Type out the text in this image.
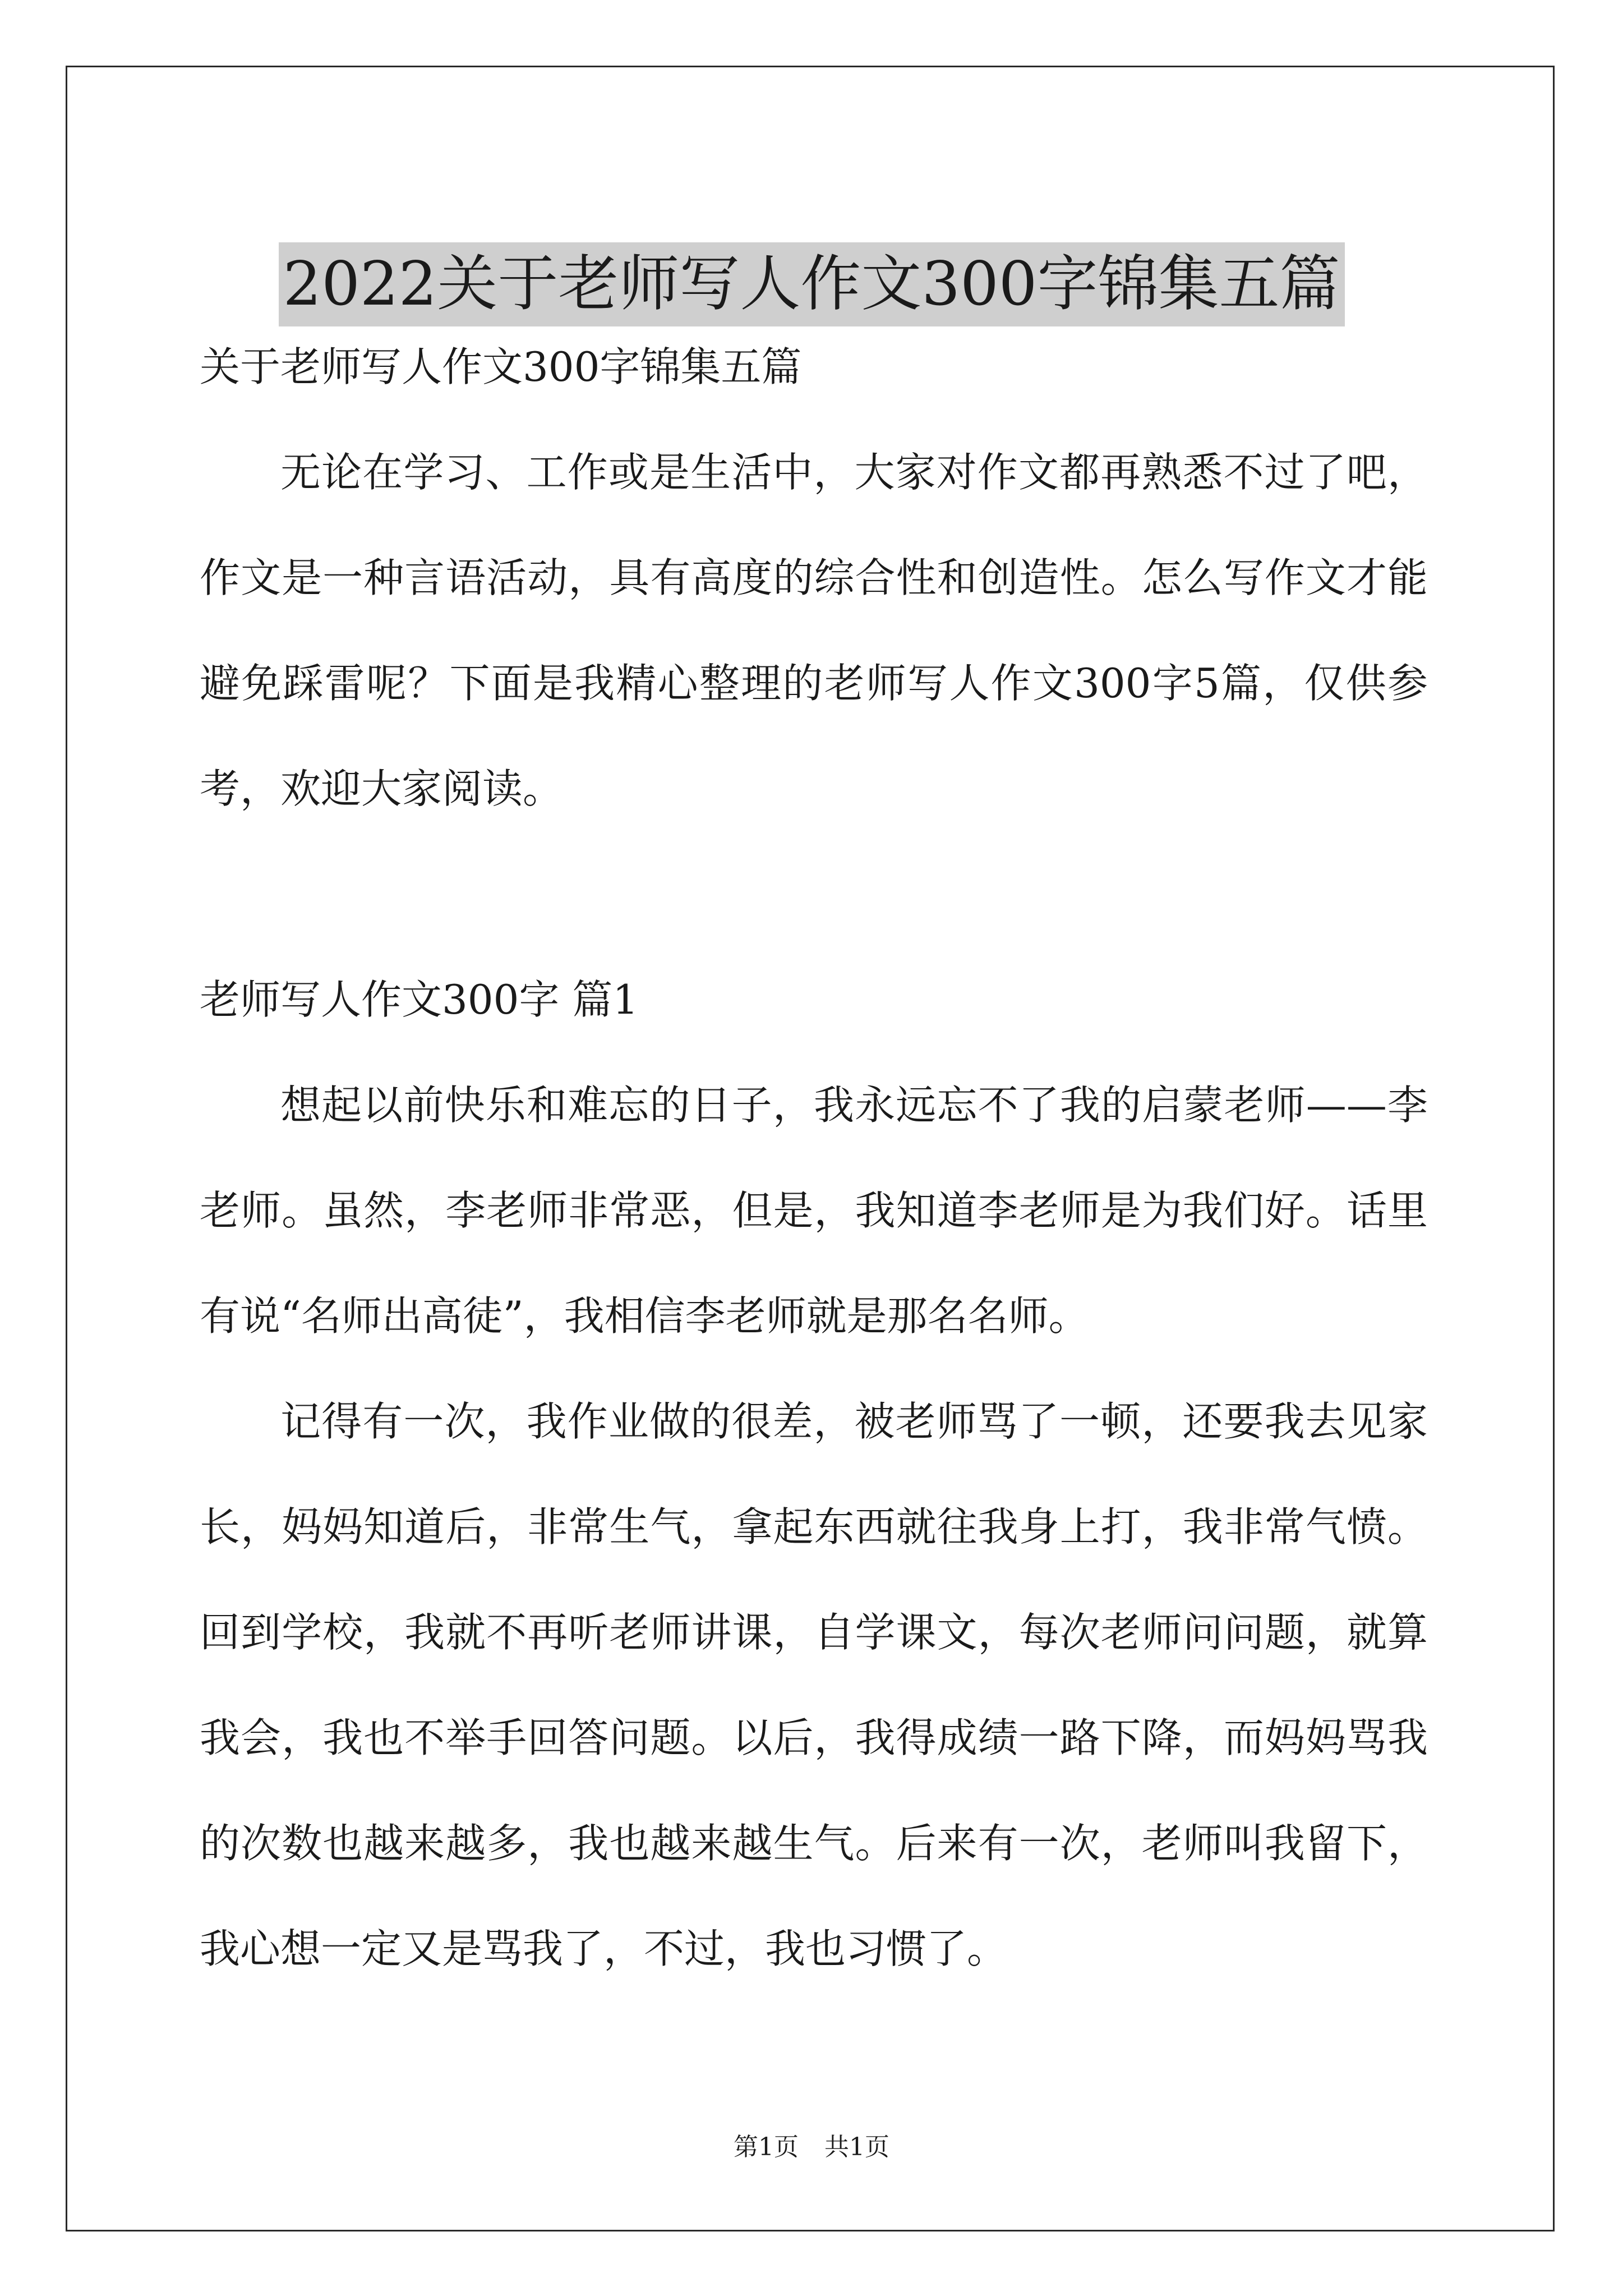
2022关于老师写人作文300字锦集五篇
关于老师写人作文300字锦集五篇

无论在学习、工作或是生活中，大家对作文都再熟悉不过了吧，作文是一种言语活动，具有高度的综合性和创造性。怎么写作文才能避免踩雷呢？下面是我精心整理的老师写人作文300字5篇，仅供参考，欢迎大家阅读。

老师写人作文300字 篇1

想起以前快乐和难忘的日子，我永远忘不了我的启蒙老师——李老师。虽然，李老师非常恶，但是，我知道李老师是为我们好。话里有说“名师出高徒”，我相信李老师就是那名名师。

记得有一次，我作业做的很差，被老师骂了一顿，还要我去见家长，妈妈知道后，非常生气，拿起东西就往我身上打，我非常气愤。回到学校，我就不再听老师讲课，自学课文，每次老师问问题，就算我会，我也不举手回答问题。以后，我得成绩一路下降，而妈妈骂我的次数也越来越多，我也越来越生气。后来有一次，老师叫我留下，我心想一定又是骂我了，不过，我也习惯了。

第1页 共1页
